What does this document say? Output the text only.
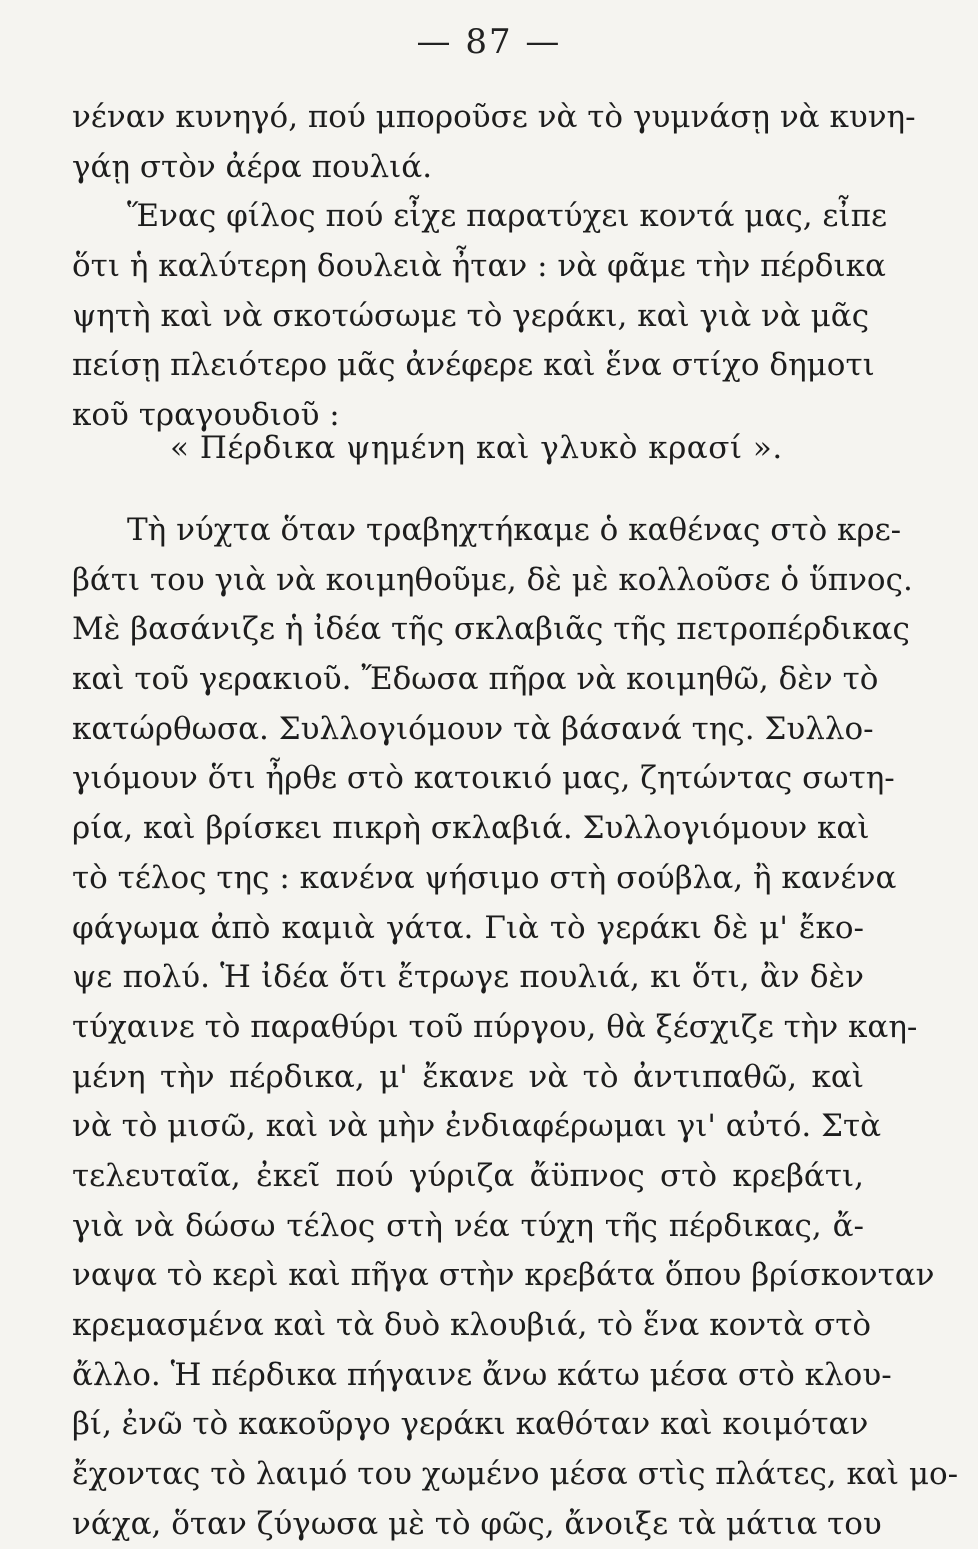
— 87 —
νέναν κυνηγό, πού μποροῦσε νὰ τὸ γυμνάσῃ νὰ κυνη-
γάῃ στὸν ἀέρα πουλιά.
Ἕνας φίλος πού εἶχε παρατύχει κοντά μας, εἶπε
ὅτι ἡ καλύτερη δουλειὰ ἦταν : νὰ φᾶμε τὴν πέρδικα
ψητὴ καὶ νὰ σκοτώσωμε τὸ γεράκι, καὶ γιὰ νὰ μᾶς
πείσῃ πλειότερο μᾶς ἀνέφερε καὶ ἕνα στίχο δημοτι
κοῦ τραγουδιοῦ :
« Πέρδικα ψημένη καὶ γλυκὸ κρασί ».
Τὴ νύχτα ὅταν τραβηχτήκαμε ὁ καθένας στὸ κρε-
βάτι του γιὰ νὰ κοιμηθοῦμε, δὲ μὲ κολλοῦσε ὁ ὕπνος.
Μὲ βασάνιζε ἡ ἰδέα τῆς σκλαβιᾶς τῆς πετροπέρδικας
καὶ τοῦ γερακιοῦ. Ἔδωσα πῆρα νὰ κοιμηθῶ, δὲν τὸ
κατώρθωσα. Συλλογιόμουν τὰ βάσανά της. Συλλο-
γιόμουν ὅτι ἦρθε στὸ κατοικιό μας, ζητώντας σωτη-
ρία, καὶ βρίσκει πικρὴ σκλαβιά. Συλλογιόμουν καὶ
τὸ τέλος της : κανένα ψήσιμο στὴ σούβλα, ἢ κανένα
φάγωμα ἀπὸ καμιὰ γάτα. Γιὰ τὸ γεράκι δὲ μ' ἔκο-
ψε πολύ. Ἡ ἰδέα ὅτι ἔτρωγε πουλιά, κι ὅτι, ἂν δὲν
τύχαινε τὸ παραθύρι τοῦ πύργου, θὰ ξέσχιζε τὴν καη-
μένη τὴν πέρδικα, μ' ἔκανε νὰ τὸ ἀντιπαθῶ, καὶ
νὰ τὸ μισῶ, καὶ νὰ μὴν ἐνδιαφέρωμαι γι' αὐτό. Στὰ
τελευταῖα, ἐκεῖ πού γύριζα ἄϋπνος στὸ κρεβάτι,
γιὰ νὰ δώσω τέλος στὴ νέα τύχη τῆς πέρδικας, ἄ-
ναψα τὸ κερὶ καὶ πῆγα στὴν κρεβάτα ὅπου βρίσκονταν
κρεμασμένα καὶ τὰ δυὸ κλουβιά, τὸ ἕνα κοντὰ στὸ
ἄλλο. Ἡ πέρδικα πήγαινε ἄνω κάτω μέσα στὸ κλου-
βί, ἐνῶ τὸ κακοῦργο γεράκι καθόταν καὶ κοιμόταν
ἔχοντας τὸ λαιμό του χωμένο μέσα στὶς πλάτες, καὶ μο-
νάχα, ὅταν ζύγωσα μὲ τὸ φῶς, ἄνοιξε τὰ μάτια του
